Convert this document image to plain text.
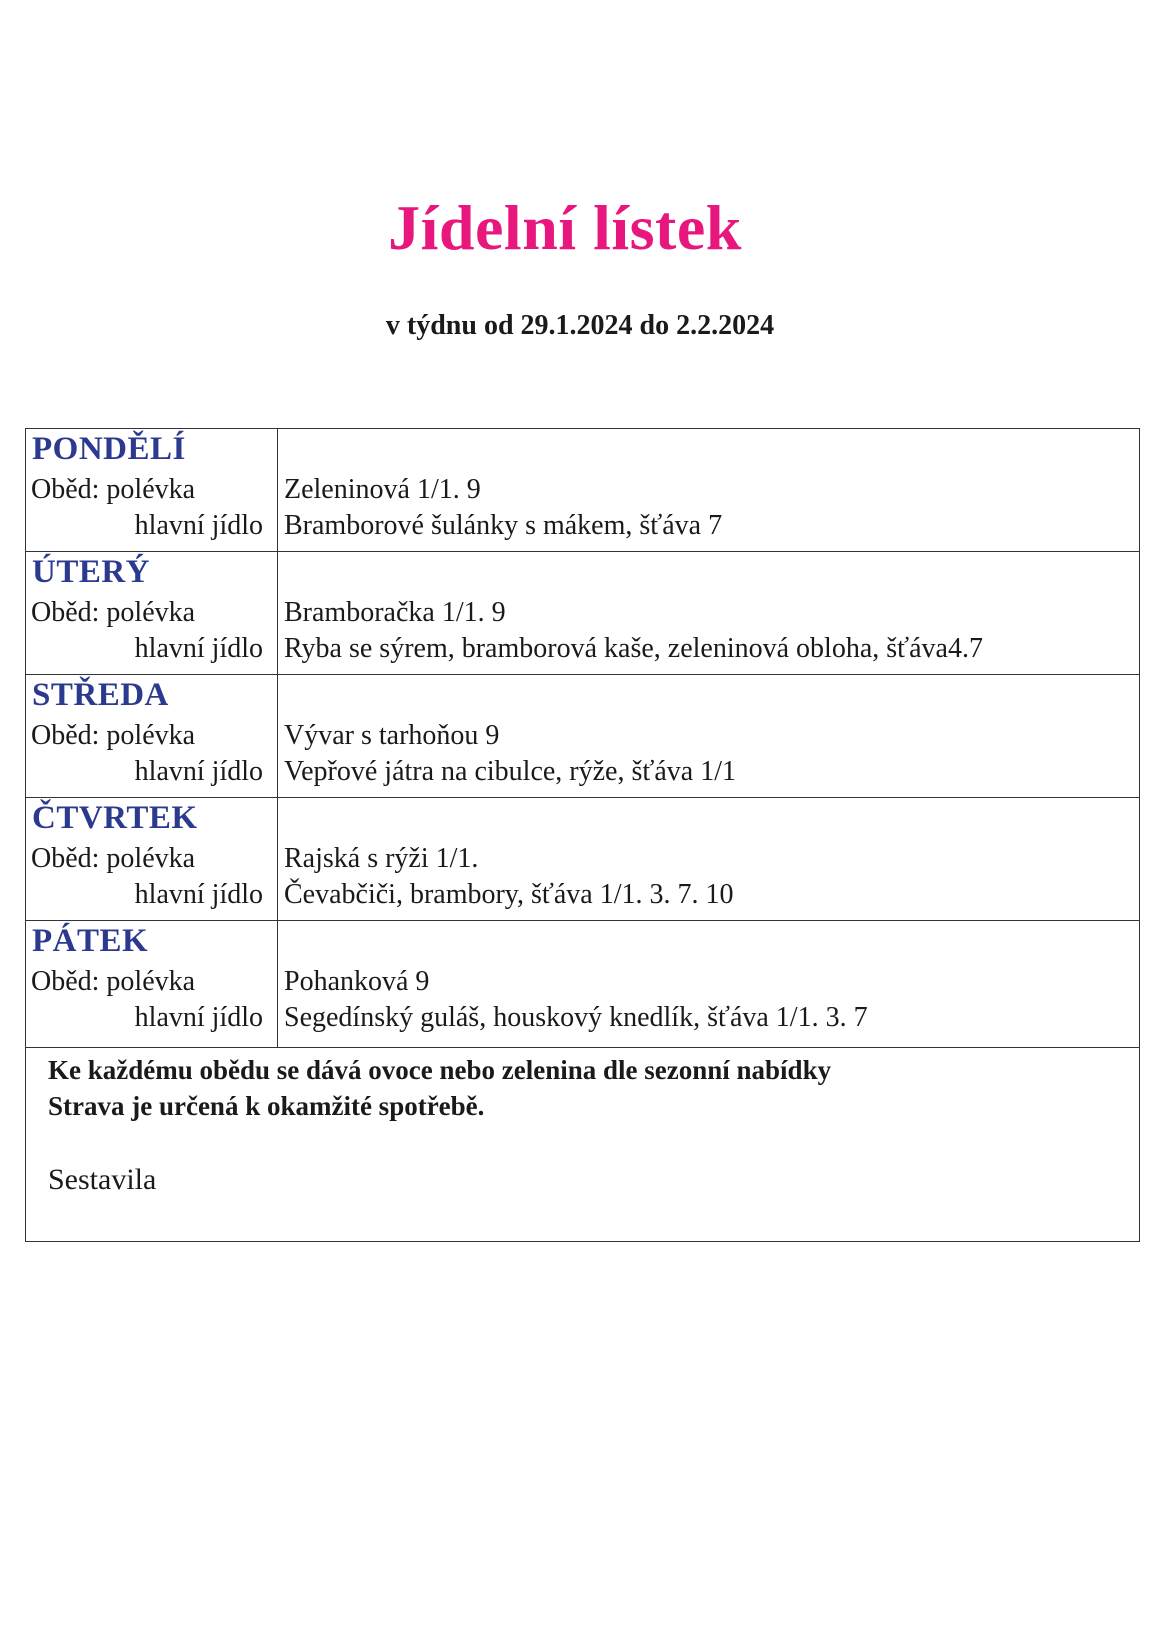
Jídelní lístek
v týdnu od 29.1.2024 do 2.2.2024
PONDĚLÍ
Oběd: polévka
hlavní jídlo
Zeleninová 1/1. 9
Bramborové šulánky s mákem, šťáva 7
ÚTERÝ
Oběd: polévka
hlavní jídlo
Bramboračka 1/1. 9
Ryba se sýrem, bramborová kaše, zeleninová obloha, šťáva4.7
STŘEDA
Oběd: polévka
hlavní jídlo
Vývar s tarhoňou 9
Vepřové játra na cibulce, rýže, šťáva 1/1
ČTVRTEK
Oběd: polévka
hlavní jídlo
Rajská s rýži 1/1.
Čevabčiči, brambory, šťáva 1/1. 3. 7. 10
PÁTEK
Oběd: polévka
hlavní jídlo
Pohanková 9
Segedínský guláš, houskový knedlík, šťáva 1/1. 3. 7
Ke každému obědu se dává ovoce nebo zelenina dle sezonní nabídky
Strava je určená k okamžité spotřebě.
Sestavila
